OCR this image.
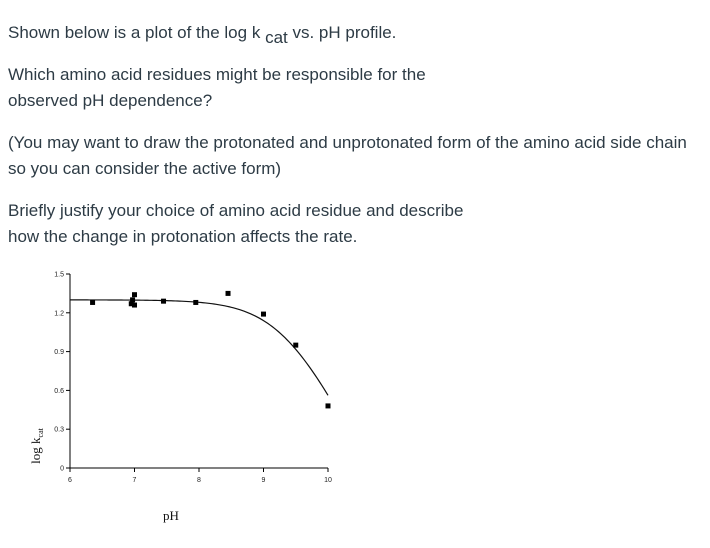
Shown below is a plot of the log k cat vs. pH profile.

Which amino acid residues might be responsible for the observed pH dependence?

(You may want to draw the protonated and unprotonated form of the amino acid side chain so you can consider the active form)

Briefly justify your choice of amino acid residue and describe how the change in protonation affects the rate.

0
0.3
0.6
0.9
1.2
1.5
6	7	8	9	10
pH
$\log k_{cat}$
